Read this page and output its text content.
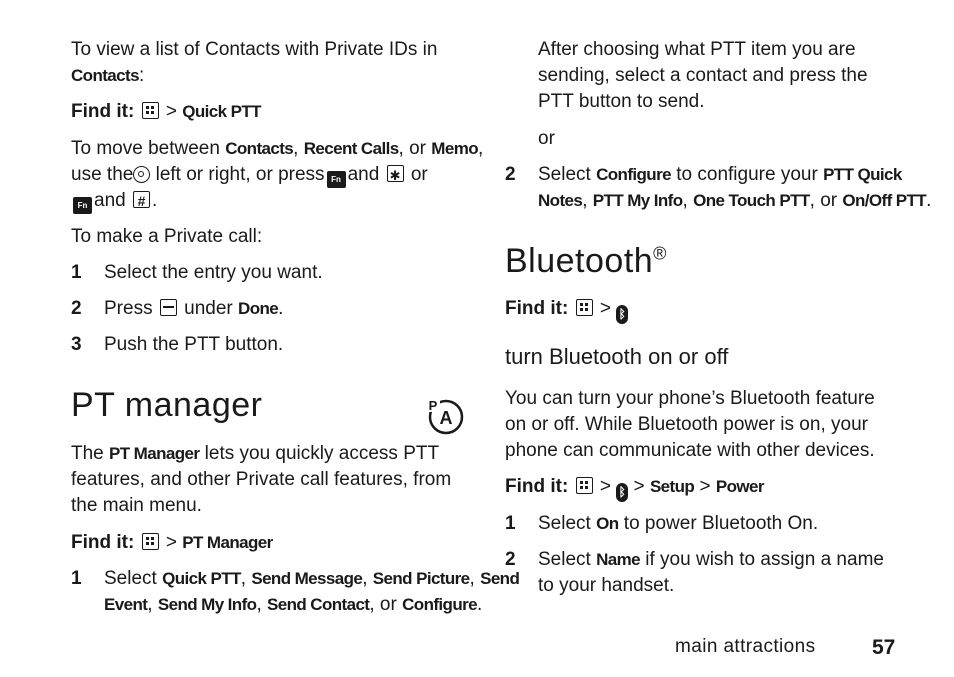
To view a list of Contacts with Private IDs in
Contacts:
Find it: > Quick PTT
To move between Contacts, Recent Calls, or Memo,
use the left or right, or press Fn and ✱ or
Fn and # .
To make a Private call:
1 Select the entry you want.
2 Press under Done.
3 Push the PTT button.
PT manager	A
P
The PT Manager lets you quickly access PTT
features, and other Private call features, from
the main menu.
Find it: > PT Manager
1 Select Quick PTT, Send Message, Send Picture, Send
Event, Send My Info, Send Contact, or Configure.
After choosing what PTT item you are
sending, select a contact and press the
PTT button to send.
or
2 Select Configure to configure your PTT Quick
Notes, PTT My Info, One Touch PTT, or On/Off PTT.
Bluetooth®
Find it: > ᛒ
turn Bluetooth on or off
You can turn your phone’s Bluetooth feature
on or off. While Bluetooth power is on, your
phone can communicate with other devices.
Find it: > ᛒ > Setup > Power
1 Select On to power Bluetooth On.
2 Select Name if you wish to assign a name
to your handset.
main attractions	57
